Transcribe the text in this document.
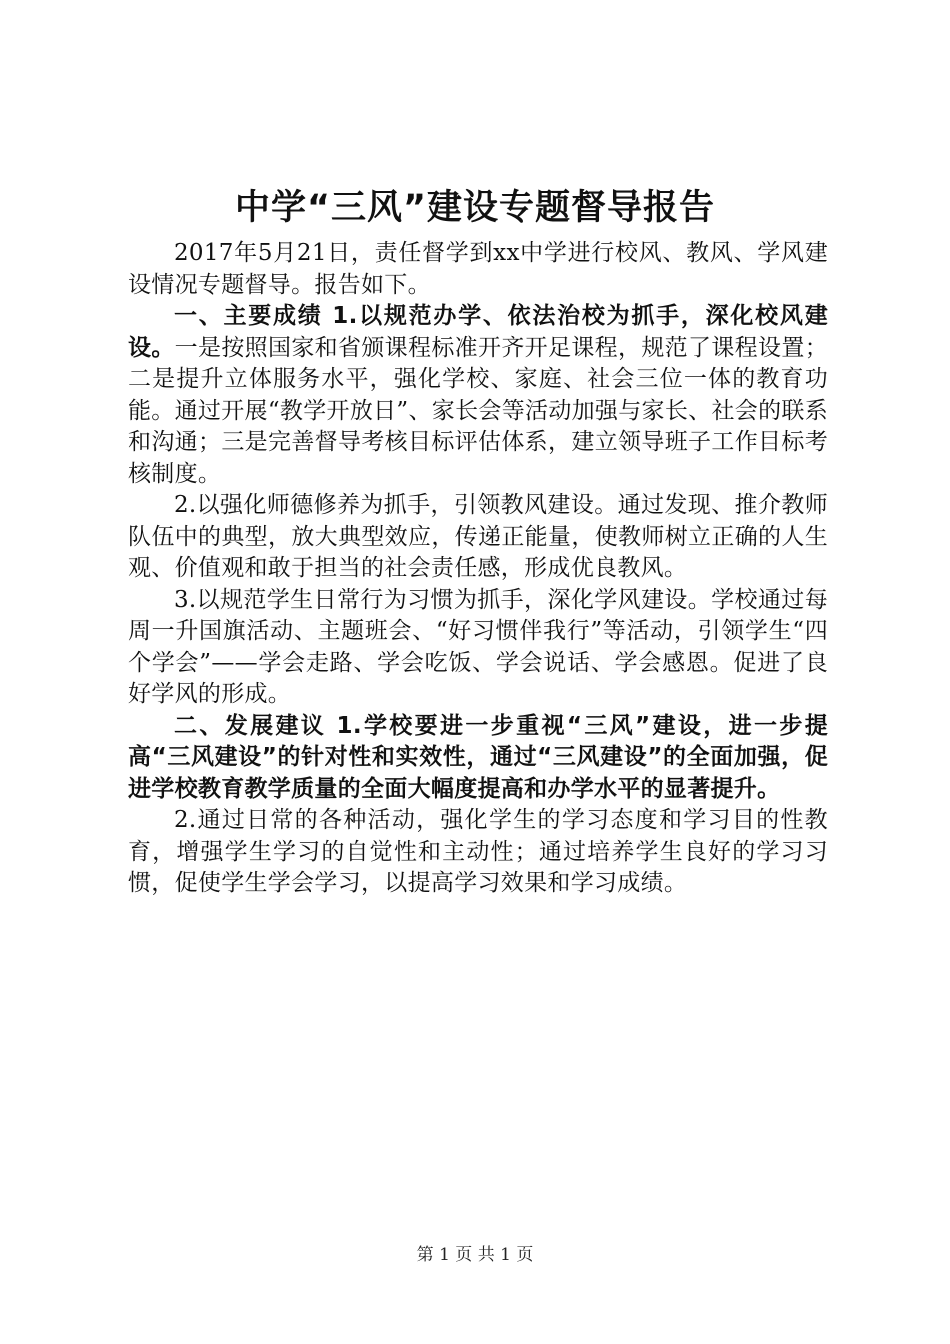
中学“三风”建设专题督导报告

2017年5月21日，责任督学到xx中学进行校风、教风、学风建设情况专题督导。报告如下。

一、主要成绩 1.以规范办学、依法治校为抓手，深化校风建设。一是按照国家和省颁课程标准开齐开足课程，规范了课程设置；二是提升立体服务水平，强化学校、家庭、社会三位一体的教育功能。通过开展“教学开放日”、家长会等活动加强与家长、社会的联系和沟通；三是完善督导考核目标评估体系，建立领导班子工作目标考核制度。

2.以强化师德修养为抓手，引领教风建设。通过发现、推介教师队伍中的典型，放大典型效应，传递正能量，使教师树立正确的人生观、价值观和敢于担当的社会责任感，形成优良教风。

3.以规范学生日常行为习惯为抓手，深化学风建设。学校通过每周一升国旗活动、主题班会、“好习惯伴我行”等活动，引领学生“四个学会”——学会走路、学会吃饭、学会说话、学会感恩。促进了良好学风的形成。

二、发展建议 1.学校要进一步重视“三风”建设，进一步提高“三风建设”的针对性和实效性，通过“三风建设”的全面加强，促进学校教育教学质量的全面大幅度提高和办学水平的显著提升。

2.通过日常的各种活动，强化学生的学习态度和学习目的性教育，增强学生学习的自觉性和主动性；通过培养学生良好的学习习惯，促使学生学会学习，以提高学习效果和学习成绩。

第 1 页 共 1 页
